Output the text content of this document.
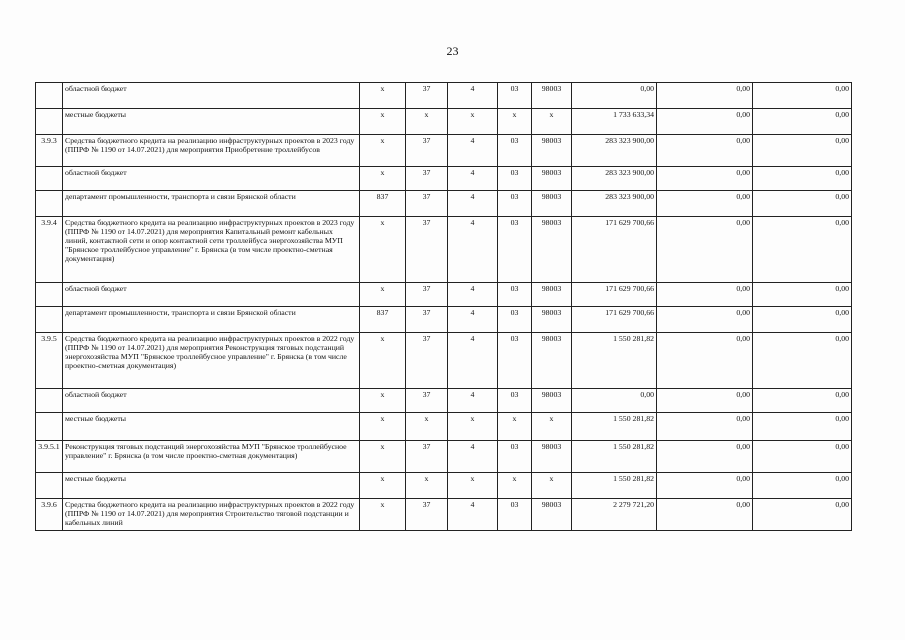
23
	областной бюджет	х	37	4	03	98003	0,00	0,00	0,00
	местные бюджеты	х	х	х	х	х	1 733 633,34	0,00	0,00
3.9.3	Средства бюджетного кредита на реализацию инфраструктурных проектов в 2023 году (ППРФ № 1190 от 14.07.2021) для мероприятия Приобретение троллейбусов	х	37	4	03	98003	283 323 900,00	0,00	0,00
	областной бюджет	х	37	4	03	98003	283 323 900,00	0,00	0,00
	департамент промышленности, транспорта и связи Брянской области	837	37	4	03	98003	283 323 900,00	0,00	0,00
3.9.4	Средства бюджетного кредита на реализацию инфраструктурных проектов в 2023 году (ППРФ № 1190 от 14.07.2021) для мероприятия Капитальный ремонт кабельных линий, контактной сети и опор контактной сети троллейбуса энергохозяйства МУП "Брянское троллейбусное управление" г. Брянска (в том числе проектно-сметная документация)	х	37	4	03	98003	171 629 700,66	0,00	0,00
	областной бюджет	х	37	4	03	98003	171 629 700,66	0,00	0,00
	департамент промышленности, транспорта и связи Брянской области	837	37	4	03	98003	171 629 700,66	0,00	0,00
3.9.5	Средства бюджетного кредита на реализацию инфраструктурных проектов в 2022 году (ППРФ № 1190 от 14.07.2021) для мероприятия Реконструкция тяговых подстанций энергохозяйства МУП "Брянское троллейбусное управление" г. Брянска (в том числе проектно-сметная документация)	х	37	4	03	98003	1 550 281,82	0,00	0,00
	областной бюджет	х	37	4	03	98003	0,00	0,00	0,00
	местные бюджеты	х	х	х	х	х	1 550 281,82	0,00	0,00
3.9.5.1	Реконструкция тяговых подстанций энергохозяйства МУП "Брянское троллейбусное управление" г. Брянска (в том числе проектно-сметная документация)	х	37	4	03	98003	1 550 281,82	0,00	0,00
	местные бюджеты	х	х	х	х	х	1 550 281,82	0,00	0,00
3.9.6	Средства бюджетного кредита на реализацию инфраструктурных проектов в 2022 году (ППРФ № 1190 от 14.07.2021) для мероприятия Строительство тяговой подстанции и кабельных линий	х	37	4	03	98003	2 279 721,20	0,00	0,00
